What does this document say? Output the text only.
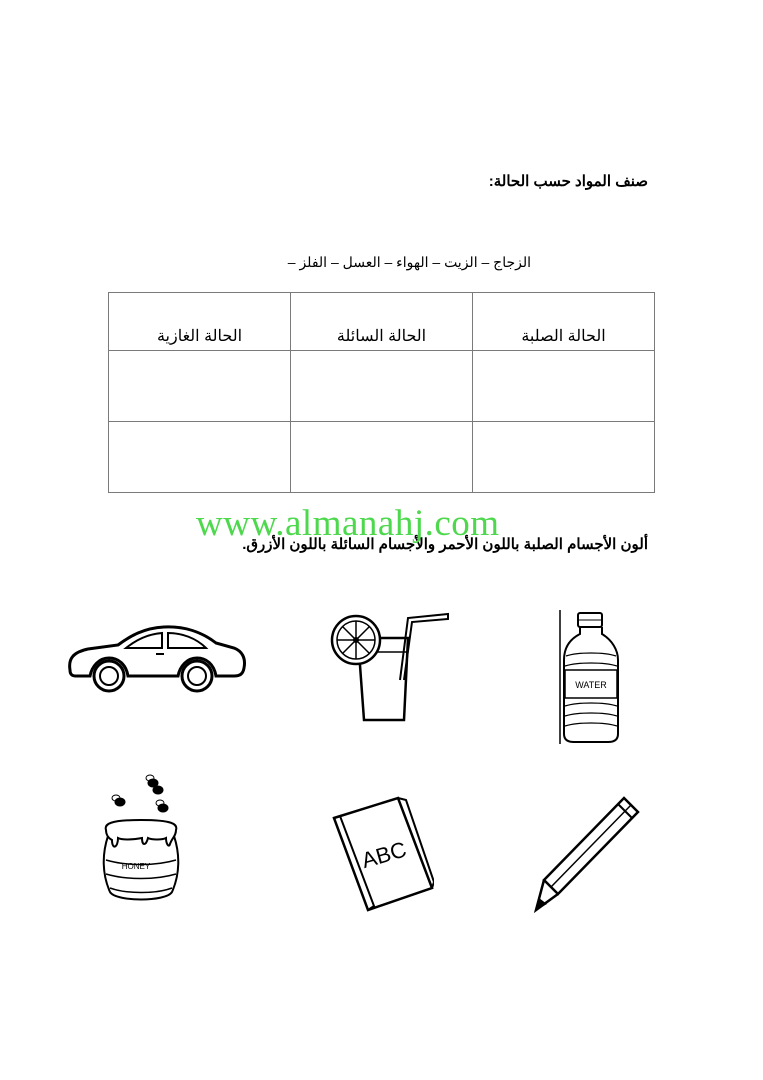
صنف المواد حسب الحالة:
الزجاج – الزيت – الهواء – العسل – الفلز –
الحالة الصلبة	الحالة السائلة	الحالة الغازية

ألون الأجسام الصلبة باللون الأحمر والأجسام السائلة باللون الأزرق.
www.almanahj.com
WATER
HONEY	ABC
